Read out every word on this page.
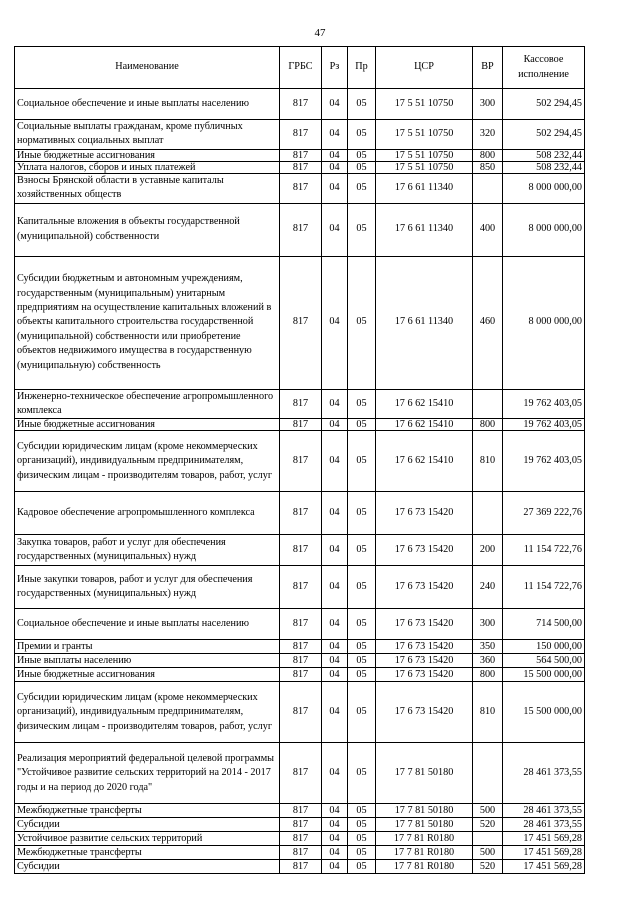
47
Наименование	ГРБС	Рз	Пр	ЦСР	ВР	Кассовое исполнение
Социальное обеспечение и иные выплаты населению	817	04	05	17 5 51 10750	300	502 294,45
Социальные выплаты гражданам, кроме публичных нормативных социальных выплат	817	04	05	17 5 51 10750	320	502 294,45
Иные бюджетные ассигнования	817	04	05	17 5 51 10750	800	508 232,44
Уплата налогов, сборов и иных платежей	817	04	05	17 5 51 10750	850	508 232,44
Взносы Брянской области в уставные капиталы хозяйственных обществ	817	04	05	17 6 61 11340		8 000 000,00
Капитальные вложения в объекты государственной (муниципальной) собственности	817	04	05	17 6 61 11340	400	8 000 000,00
Субсидии бюджетным и автономным учреждениям, государственным (муниципальным) унитарным предприятиям на осуществление капитальных вложений в объекты капитального строительства государственной (муниципальной) собственности или приобретение объектов недвижимого имущества в государственную (муниципальную) собственность	817	04	05	17 6 61 11340	460	8 000 000,00
Инженерно-техническое обеспечение агропромышленного комплекса	817	04	05	17 6 62 15410		19 762 403,05
Иные бюджетные ассигнования	817	04	05	17 6 62 15410	800	19 762 403,05
Субсидии юридическим лицам (кроме некоммерческих организаций), индивидуальным предпринимателям, физическим лицам - производителям товаров, работ, услуг	817	04	05	17 6 62 15410	810	19 762 403,05
Кадровое обеспечение агропромышленного комплекса	817	04	05	17 6 73 15420		27 369 222,76
Закупка товаров, работ и услуг для обеспечения государственных (муниципальных) нужд	817	04	05	17 6 73 15420	200	11 154 722,76
Иные закупки товаров, работ и услуг для обеспечения государственных (муниципальных) нужд	817	04	05	17 6 73 15420	240	11 154 722,76
Социальное обеспечение и иные выплаты населению	817	04	05	17 6 73 15420	300	714 500,00
Премии и гранты	817	04	05	17 6 73 15420	350	150 000,00
Иные выплаты населению	817	04	05	17 6 73 15420	360	564 500,00
Иные бюджетные ассигнования	817	04	05	17 6 73 15420	800	15 500 000,00
Субсидии юридическим лицам (кроме некоммерческих организаций), индивидуальным предпринимателям, физическим лицам - производителям товаров, работ, услуг	817	04	05	17 6 73 15420	810	15 500 000,00
Реализация мероприятий федеральной целевой программы "Устойчивое развитие сельских территорий на 2014 - 2017 годы и на период до 2020 года"	817	04	05	17 7 81 50180		28 461 373,55
Межбюджетные трансферты	817	04	05	17 7 81 50180	500	28 461 373,55
Субсидии	817	04	05	17 7 81 50180	520	28 461 373,55
Устойчивое развитие сельских территорий	817	04	05	17 7 81 R0180		17 451 569,28
Межбюджетные трансферты	817	04	05	17 7 81 R0180	500	17 451 569,28
Субсидии	817	04	05	17 7 81 R0180	520	17 451 569,28
